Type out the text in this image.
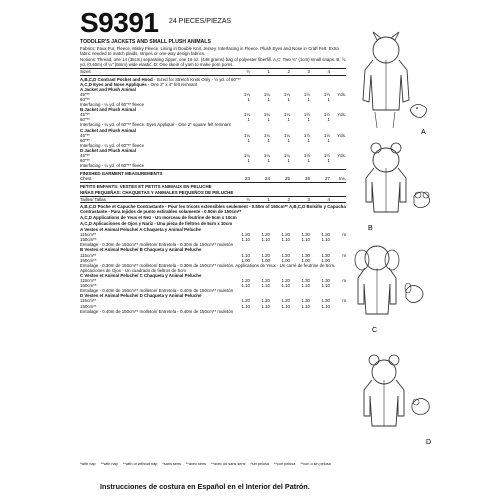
S9391 24 PIECES/PIEZAS
TODDLER'S JACKETS AND SMALL PLUSH ANIMALS
Fabrics: Faux Fur, Fleece, Minky Fleece. Lining in Double Knit, Jersey. Interfacing in Fleece. Plush Eyes and Nose in Craft Felt. Extra fabric needed to match plaids, stripes or one-way design fabrics.
Notions: Thread, one 14 (35cm) separating zipper, one 16 oz. (448 grams) bag of polyester fiberfill. A,C: Two ¾" (1cm) small snaps. B: ⅞ yd. (0.40m) of ¼" (6mm) wide elastic. D: One skein of yarn to make pom poms.
Sizes	½	1	2	3	4
A,B,C,D Contrast Pocket and Hood - Sized for Stretch Knits Only - ½ yd. of 60"**
A,C,D Eyes and Nose Appliqués - One 2" x 4" felt remnant
A Jacket and Plush Animal
45"**	1¼	1¼	1¼	1½	1½	Yds.
60"**	1	1	1	1	1
Interfacing - ¼ yd. of 60"** fleece
B Jacket and Plush Animal
45"**	1¼	1¼	1¼	1½	1½	Yds.
60"**	1	1	1	1	1
Interfacing - ¼ yd. of 60"** fleece. Eyes Appliqué - One 2" square felt remnant
C Jacket and Plush Animal
45"**	1¼	1¼	1¼	1½	1½	Yds.
60"**	1	1	1	1	1
Interfacing - ¼ yd. of 60"** fleece
D Jacket and Plush Animal
45"**	1¼	1¼	1¼	1½	1½	Yds.
60"**	1	1	1	1	1
Interfacing - ¼ yd. of 60"** fleece
FINISHED GARMENT MEASUREMENTS
Chest	23	24	25	26	27	Ins.
PETITS ENFANTS: VESTES ET PETITS ANIMAUX EN PELUCHE
NIÑAS PEQUEÑAS: CHAQUETAS Y ANIMALES PEQUEÑOS DE PELUCHE
Tailles/ Tallas	½	1	2	3	4
A,B,C,D Poche et Capuche Contrastante - Pour les tricots extensibles seulement - 0.50m of 150cm** A,B,C,D Bolsillo y Capucha Contrastante - Para tejidos de punto estirables solamente - 0.50m de 150cm**
A,C,D Applications de Yeux et Nez - Un morceau de feutrine de 5cm x 10cm
A,C,D Aplicaciones de Ojos y Nariz - Una pieza de fieltros de 5cm x 10cm
A Vestes et Animal Peluche/ A Chaqueta y Animal Peluche
115cm**	1.20	1.20	1.20	1.30	1.30	m
150cm**	1.10	1.10	1.10	1.10	1.10
Entoilage - 0.30m de 150cm** molleton/ Entretela - 0.30m de 150cm** muletón
B Vestes et Animal Peluche/ B Chaqueta y Animal Peluche
115cm**	1.10	1.20	1.20	1.30	1.30	m
150cm**	1.00	1.00	1.00	1.00	1.00
Entoilage - 0.30m de 150cm** molleton/ Entretela - 0.30m de 150cm** muletón. Applications de Yeux - Un carré de feutrine de 5cm. Aplicaciones de Ojos - Un cuadrado de fieltros de 5cm
C Vestes et Animal Peluche/ C Chaqueta y Animal Peluche
115cm**	1.20	1.20	1.20	1.30	1.30	m
150cm**	1.10	1.10	1.10	1.10	1.10
Entoilage - 0.40m de 150cm** molleton/ Entretela - 0.40m de 150cm** muletón
D Vestes et Animal Peluche/ D Chaqueta y Animal Peluche
115cm**	1.20	1.20	1.20	1.30	1.30	m
150cm**	1.10	1.10	1.10	1.10	1.10
Entoilage - 0.40m de 150cm** molleton/ Entretela - 0.40m de 150cm** muletón
*with nap **with nap **with or without nap *sans sens **avec sens **avec ou sans sens *sin pelusa **con pelusa **con o sin pelusa
Instrucciones de costura en Español en el Interior del Patrón.
A
B
C
D
